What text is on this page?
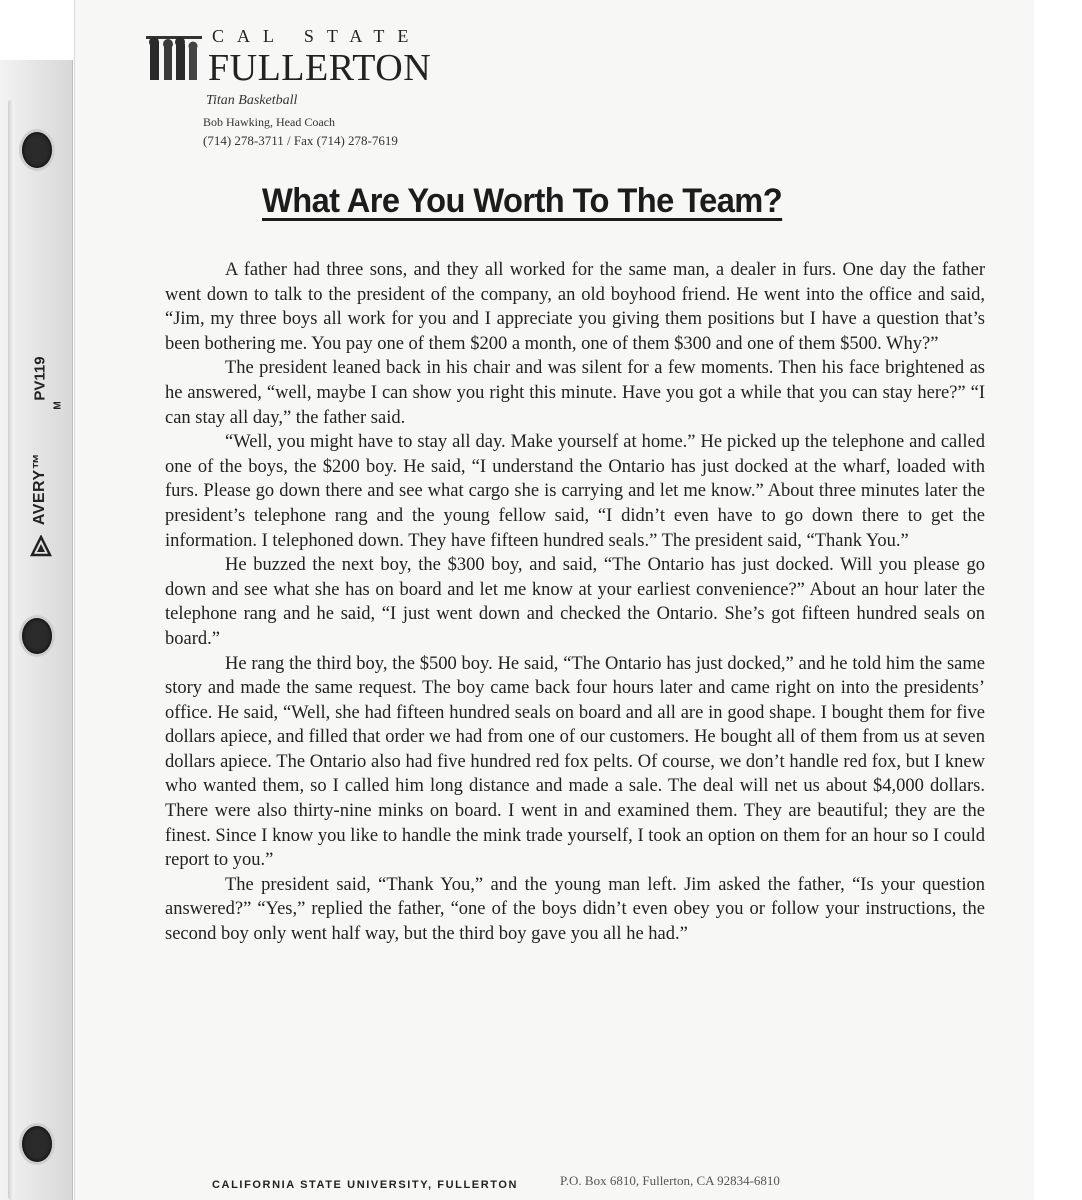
PV119
M
AVERY™
CAL STATE
FULLERTON
Titan Basketball
Bob Hawking, Head Coach
(714) 278-3711 / Fax (714) 278-7619
What Are You Worth To The Team?

A father had three sons, and they all worked for the same man, a dealer in furs. One day the father went down to talk to the president of the company, an old boyhood friend. He went into the office and said, “Jim, my three boys all work for you and I appreciate you giving them positions but I have a question that’s been bothering me. You pay one of them $200 a month, one of them $300 and one of them $500. Why?”

The president leaned back in his chair and was silent for a few moments. Then his face brightened as he answered, “well, maybe I can show you right this minute. Have you got a while that you can stay here?” “I can stay all day,” the father said.

“Well, you might have to stay all day. Make yourself at home.” He picked up the telephone and called one of the boys, the $200 boy. He said, “I understand the Ontario has just docked at the wharf, loaded with furs. Please go down there and see what cargo she is carrying and let me know.” About three minutes later the president’s telephone rang and the young fellow said, “I didn’t even have to go down there to get the information. I telephoned down. They have fifteen hundred seals.” The president said, “Thank You.”

He buzzed the next boy, the $300 boy, and said, “The Ontario has just docked. Will you please go down and see what she has on board and let me know at your earliest convenience?” About an hour later the telephone rang and he said, “I just went down and checked the Ontario. She’s got fifteen hundred seals on board.”

He rang the third boy, the $500 boy. He said, “The Ontario has just docked,” and he told him the same story and made the same request. The boy came back four hours later and came right on into the presidents’ office. He said, “Well, she had fifteen hundred seals on board and all are in good shape. I bought them for five dollars apiece, and filled that order we had from one of our customers. He bought all of them from us at seven dollars apiece. The Ontario also had five hundred red fox pelts. Of course, we don’t handle red fox, but I knew who wanted them, so I called him long distance and made a sale. The deal will net us about $4,000 dollars. There were also thirty-nine minks on board. I went in and examined them. They are beautiful; they are the finest. Since I know you like to handle the mink trade yourself, I took an option on them for an hour so I could report to you.”

The president said, “Thank You,” and the young man left. Jim asked the father, “Is your question answered?” “Yes,” replied the father, “one of the boys didn’t even obey you or follow your instructions, the second boy only went half way, but the third boy gave you all he had.”

CALIFORNIA STATE UNIVERSITY, FULLERTON	P.O. Box 6810, Fullerton, CA 92834-6810
